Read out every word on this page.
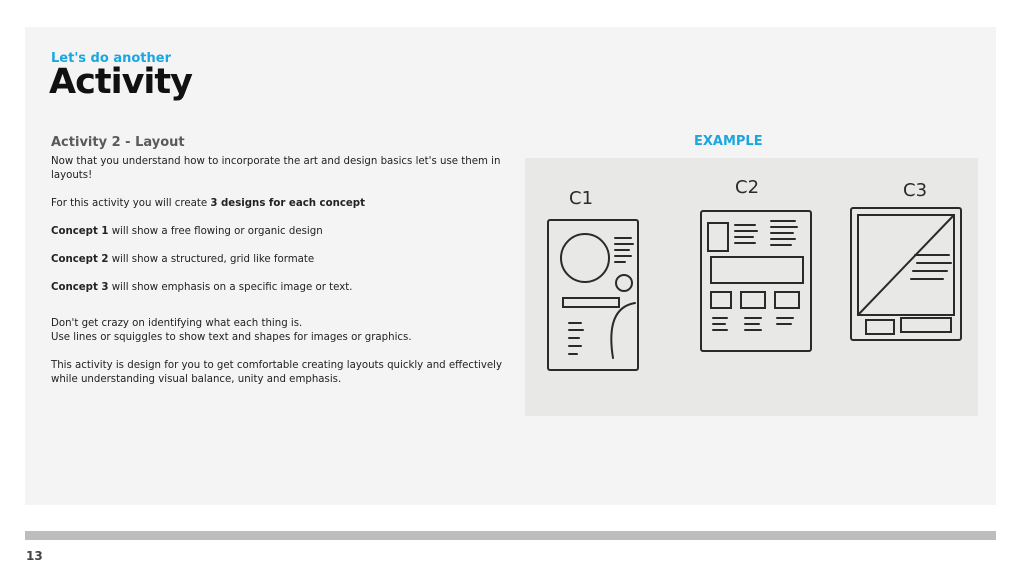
Let's do another
Activity
Activity 2 - Layout

Now that you understand how to incorporate the art and design basics let's use them in layouts!

For this activity you will create 3 designs for each concept

Concept 1 will show a free flowing or organic design

Concept 2 will show a structured, grid like formate

Concept 3 will show emphasis on a specific image or text.

Don't get crazy on identifying what each thing is.

Use lines or squiggles to show text and shapes for images or graphics.

This activity is design for you to get comfortable creating layouts quickly and effectively while understanding visual balance, unity and emphasis.

EXAMPLE
C1
C2	C3
13
